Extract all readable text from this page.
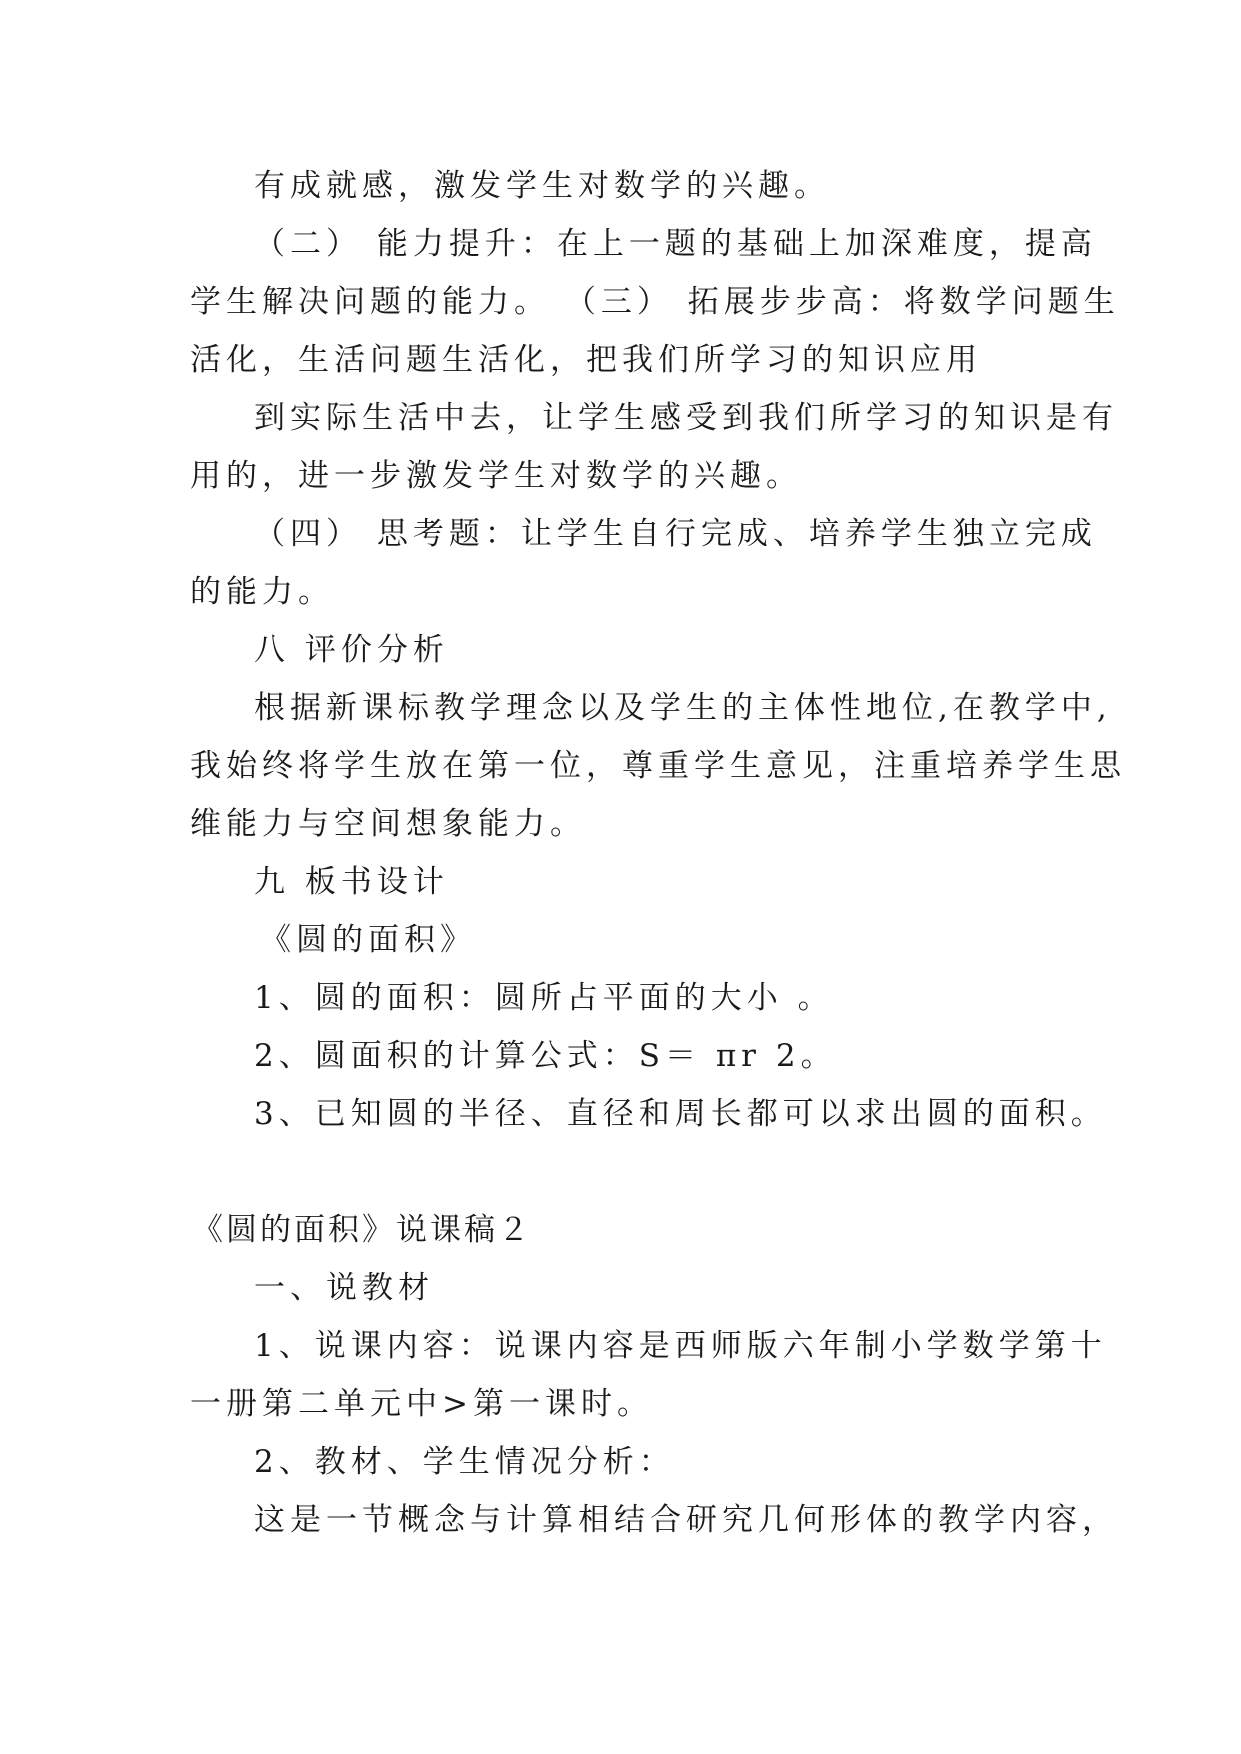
有成就感，激发学生对数学的兴趣。
（二） 能力提升：在上一题的基础上加深难度，提高
学生解决问题的能力。 （三） 拓展步步高：将数学问题生
活化，生活问题生活化，把我们所学习的知识应用
到实际生活中去，让学生感受到我们所学习的知识是有
用的，进一步激发学生对数学的兴趣。
（四） 思考题：让学生自行完成、培养学生独立完成
的能力。
八 评价分析
根据新课标教学理念以及学生的主体性地位,在教学中,
我始终将学生放在第一位，尊重学生意见，注重培养学生思
维能力与空间想象能力。
九 板书设计
《圆的面积》
1、圆的面积：圆所占平面的大小 。
2、圆面积的计算公式：S＝ πr 2。
3、已知圆的半径、直径和周长都可以求出圆的面积。
《圆的面积》说课稿２
一、说教材
1、说课内容：说课内容是西师版六年制小学数学第十
一册第二单元中>第一课时。
2、教材、学生情况分析：
这是一节概念与计算相结合研究几何形体的教学内容，
